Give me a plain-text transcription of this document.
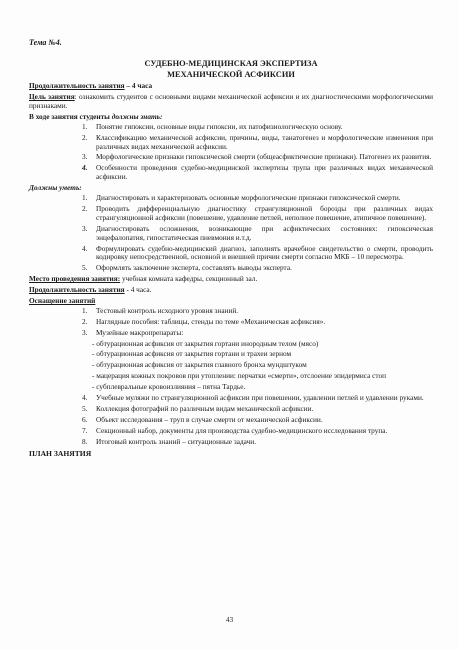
Тема №4.
СУДЕБНО-МЕДИЦИНСКАЯ ЭКСПЕРТИЗА
МЕХАНИЧЕСКОЙ АСФИКСИИ
Продолжительность занятия – 4 часа
Цель занятия: ознакомить студентов с основными видами механической асфиксии и их диагностическими морфологическими признаками.
В ходе занятия студенты должны знать:
1. Понятие гипоксии, основные виды гипоксии, их патофизиологическую основу.
2. Классификацию механической асфиксии, причины, виды, танатогенез и морфологические изменения при различных видах механической асфиксии.
3. Морфологические признаки гипоксической смерти (общеасфиктические признаки). Патогенез их развития.
4. Особенности проведения судебно-медицинской экспертизы трупа при различных видах механической асфиксии.
Должны уметь:
1. Диагностировать и характеризовать основные морфологические признаки гипоксической смерти.
2. Проводить дифференциальную диагностику странгуляционной борозды при различных видах странгуляционной асфиксии (повешение, удавление петлей, неполное повешение, атипичное повешение).
3. Диагностировать осложнения, возникающие при асфиктических состояниях: гипоксическая энцефалопатия, гипостатическая пневмония и.т.д.
4. Формулировать судебно-медицинский диагноз, заполнять врачебное свидетельство о смерти, проводить кодировку непосредственной, основной и внешней причин смерти согласно МКБ – 10 пересмотра.
5. Оформлять заключение эксперта, составлять выводы эксперта.
Место проведения занятия: учебная комната кафедры, секционный зал.
Продолжительность занятия - 4 часа.
Оснащение занятий
1. Тестовый контроль исходного уровня знаний.
2. Наглядные пособия: таблицы, стенды по теме «Механическая асфиксия».
3. Музейные макропрепараты:
- обтурационная асфиксия от закрытия гортани инородным телом (мясо)
- обтурационная асфиксия от закрытия гортани и трахеи зерном
- обтурационная асфиксия от закрытия главного бронха мундштуком
- мацерация кожных покровов при утоплении: перчатки «смерти», отслоение эпидермиса стоп
- субплевральные кровоизлияния – пятна Тардье.
4. Учебные муляжи по странгуляционной асфиксии при повешении, удавлении петлей и удавлении руками.
5. Коллекция фотографий по различным видам механической асфиксии.
6. Объект исследования – труп в случае смерти от механической асфиксии.
7. Секционный набор, документы для производства судебно-медицинского исследования трупа.
8. Итоговый контроль знаний – ситуационные задачи.
ПЛАН ЗАНЯТИЯ
43
